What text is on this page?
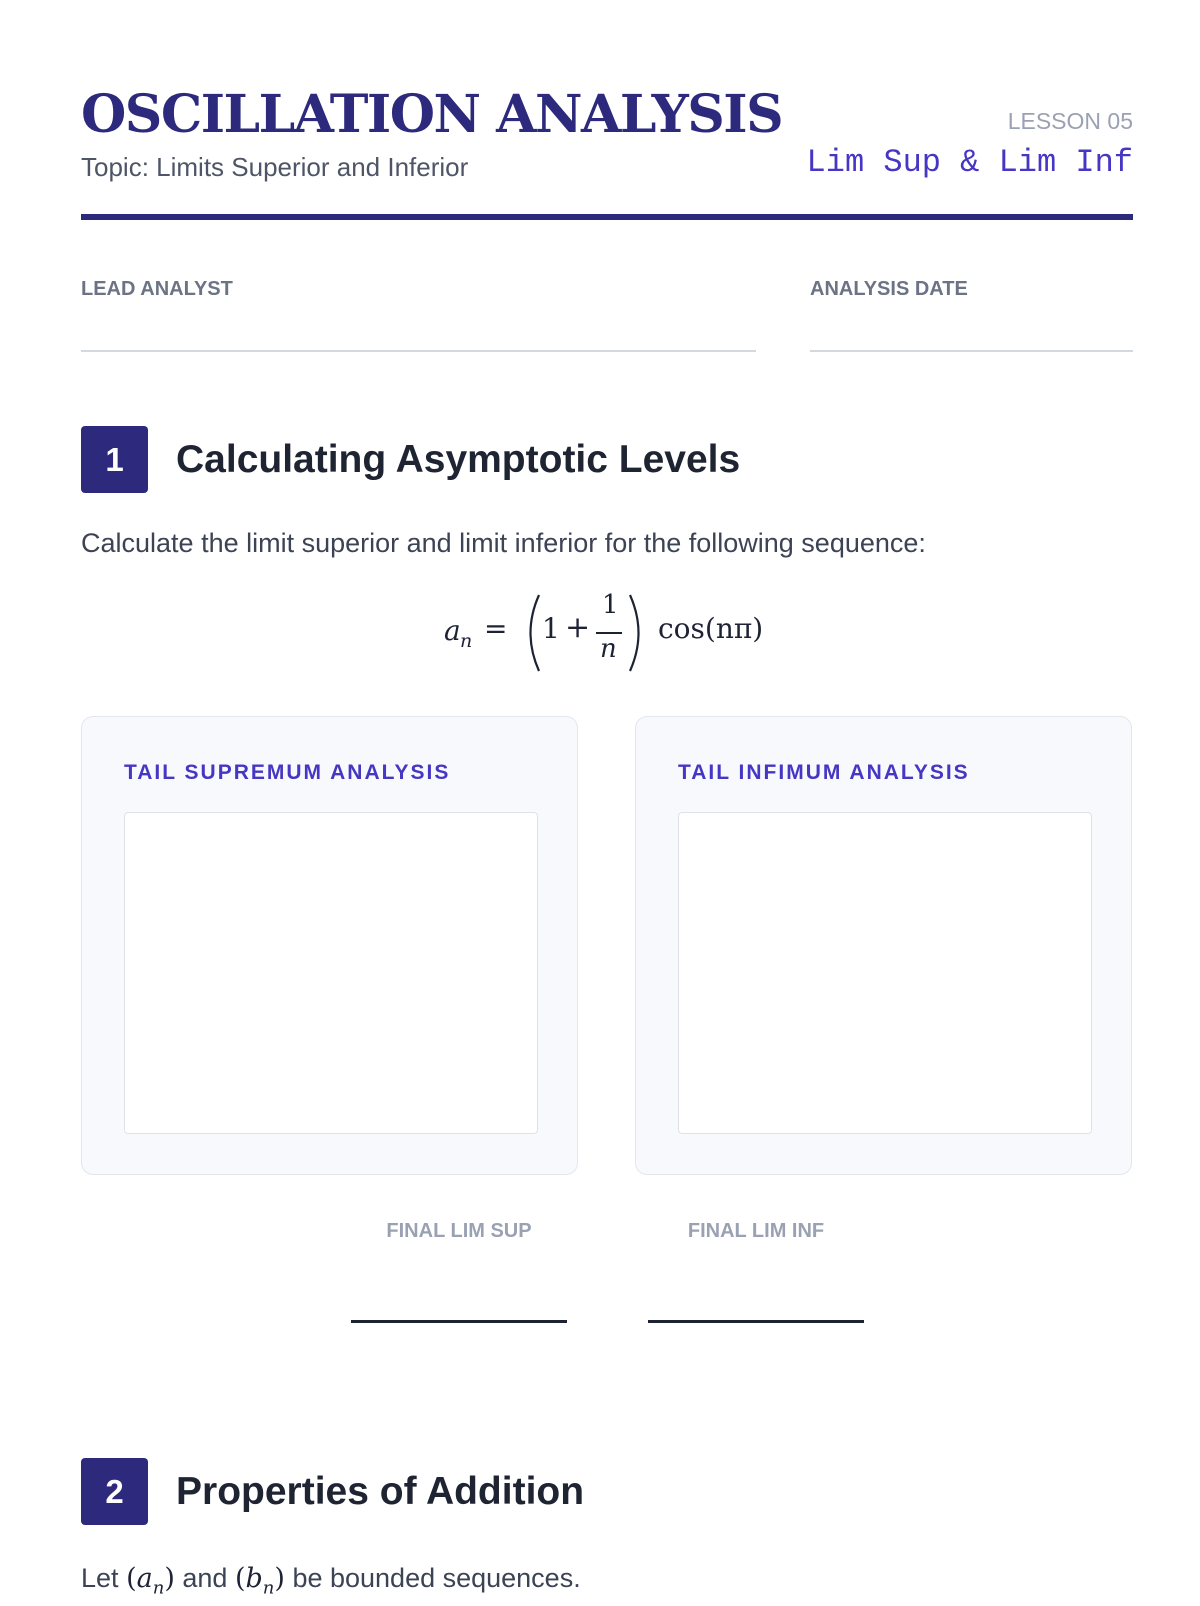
OSCILLATION ANALYSIS
Topic: Limits Superior and Inferior
LESSON 05
Lim Sup & Lim Inf
LEAD ANALYST	ANALYSIS DATE
1	Calculating Asymptotic Levels
Calculate the limit superior and limit inferior for the following sequence:
a n = 1 +
1
n
cos(nπ)
TAIL SUPREMUM ANALYSIS	TAIL INFIMUM ANALYSIS
FINAL LIM SUP	FINAL LIM INF
2	Properties of Addition
Let $(a_n)$ and $(b_n)$ be bounded sequences.
